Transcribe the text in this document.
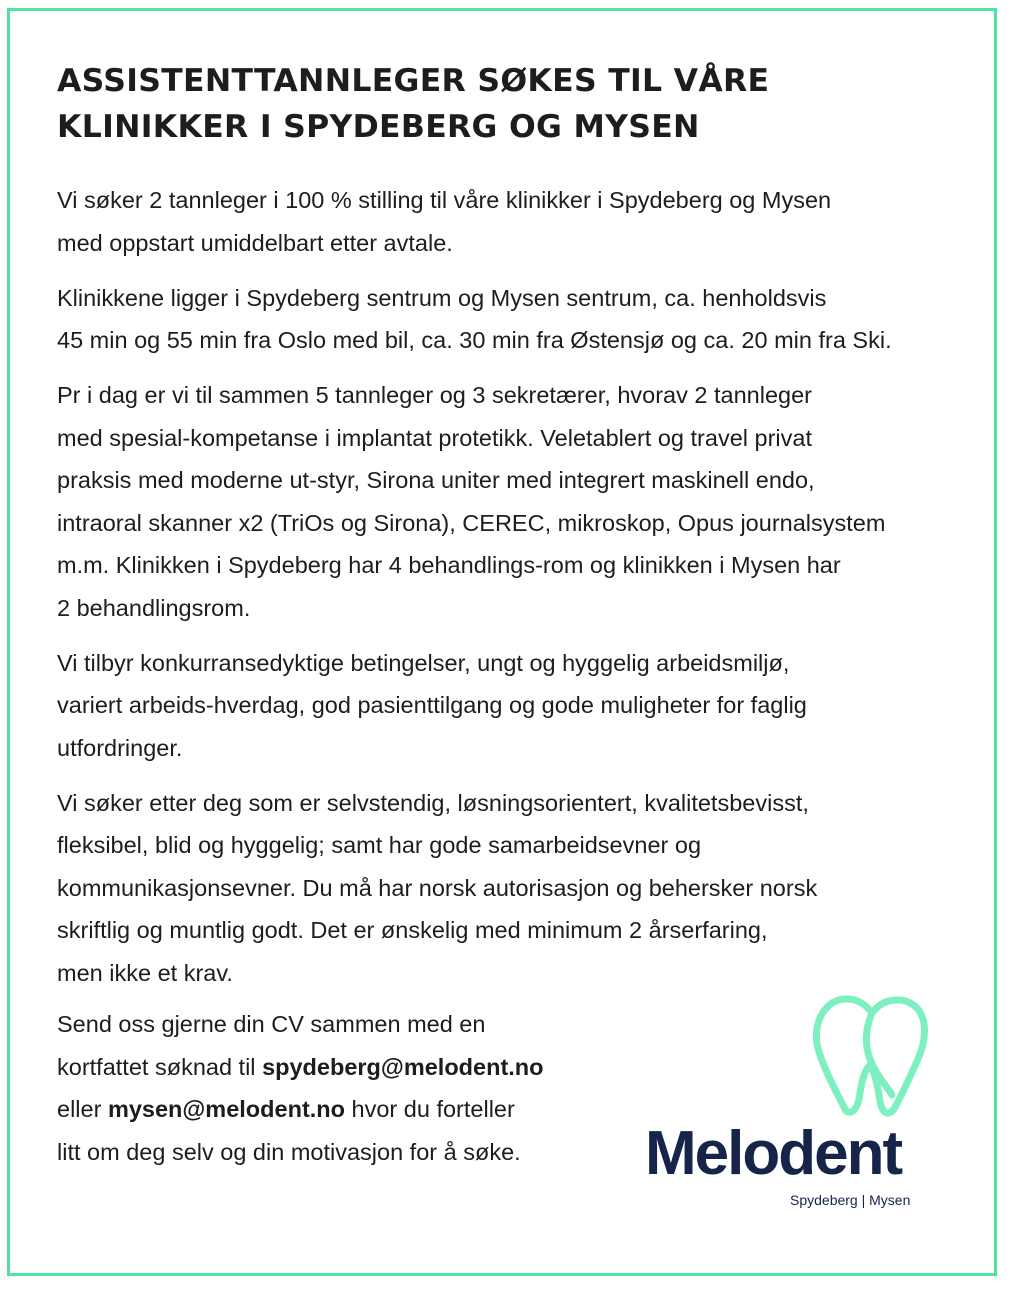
ASSISTENTTANNLEGER SØKES TIL VÅRE
KLINIKKER I SPYDEBERG OG MYSEN

Vi søker 2 tannleger i 100 % stilling til våre klinikker i Spydeberg og Mysen
med oppstart umiddelbart etter avtale.

Klinikkene ligger i Spydeberg sentrum og Mysen sentrum, ca. henholdsvis
45 min og 55 min fra Oslo med bil, ca. 30 min fra Østensjø og ca. 20 min fra Ski.

Pr i dag er vi til sammen 5 tannleger og 3 sekretærer, hvorav 2 tannleger
med spesial-kompetanse i implantat protetikk. Veletablert og travel privat
praksis med moderne ut-styr, Sirona uniter med integrert maskinell endo,
intraoral skanner x2 (TriOs og Sirona), CEREC, mikroskop, Opus journalsystem
m.m. Klinikken i Spydeberg har 4 behandlings-rom og klinikken i Mysen har
2 behandlingsrom.

Vi tilbyr konkurransedyktige betingelser, ungt og hyggelig arbeidsmiljø,
variert arbeids-hverdag, god pasienttilgang og gode muligheter for faglig
utfordringer.

Vi søker etter deg som er selvstendig, løsningsorientert, kvalitetsbevisst,
fleksibel, blid og hyggelig; samt har gode samarbeidsevner og
kommunikasjonsevner. Du må har norsk autorisasjon og behersker norsk
skriftlig og muntlig godt. Det er ønskelig med minimum 2 årserfaring,
men ikke et krav.

Send oss gjerne din CV sammen med en
kortfattet søknad til spydeberg@melodent.no
eller mysen@melodent.no hvor du forteller
litt om deg selv og din motivasjon for å søke.	Melodent
Spydeberg | Mysen
